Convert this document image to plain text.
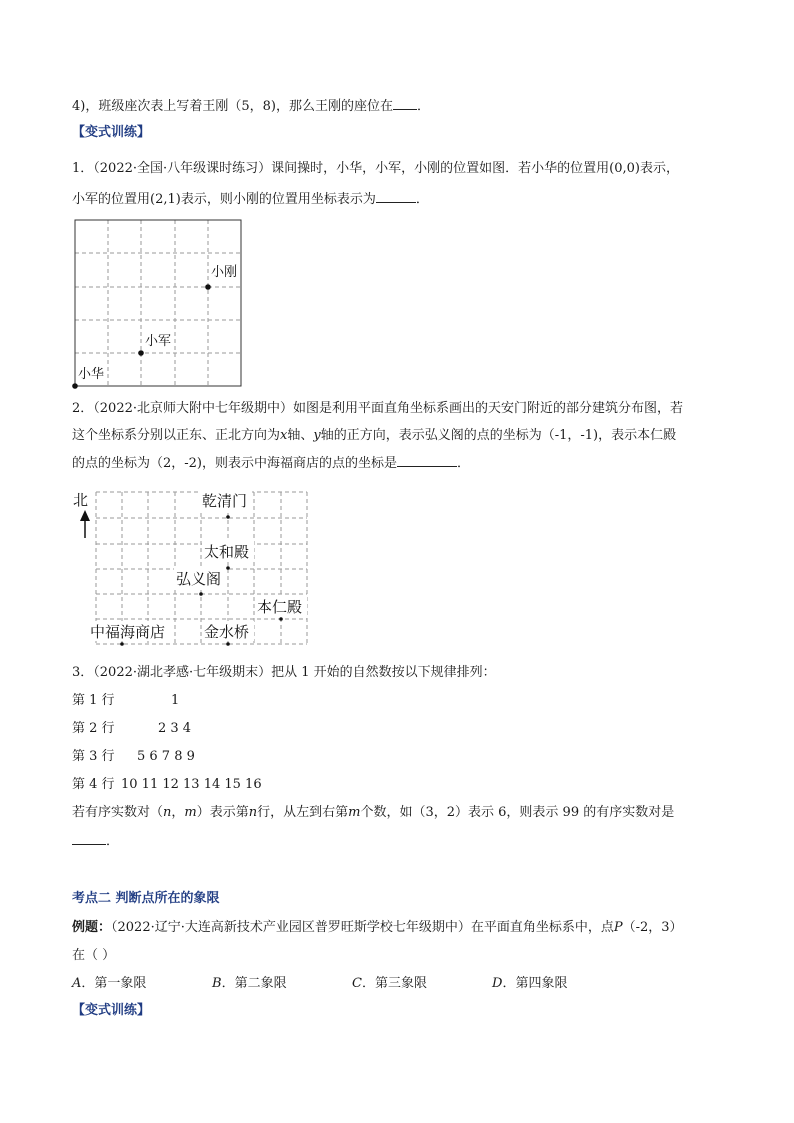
4)，班级座次表上写着王刚（5，8)，那么王刚的座位在 ．
【变式训练】
1．（2022·全国·八年级课时练习）课间操时，小华，小军，小刚的位置如图．若小华的位置用(0,0)表示，
小军的位置用(2,1)表示，则小刚的位置用坐标表示为	．
小刚
小军
小华
北	乾清门
太和殿
弘义阁
本仁殿
中福海商店	金水桥
2．（2022·北京师大附中七年级期中）如图是利用平面直角坐标系画出的天安门附近的部分建筑分布图，若
这个坐标系分别以正东、正北方向为x轴、y轴的正方向，表示弘义阁的点的坐标为（-1，-1)，表示本仁殿
的点的坐标为（2，-2)，则表示中海福商店的点的坐标是	．
3．（2022·湖北孝感·七年级期末）把从 1 开始的自然数按以下规律排列：
第 1 行	1
第 2 行	2 3 4
第 3 行 5 6 7 8 9
第 4 行 10 11 12 13 14 15 16
若有序实数对（n，m）表示第n行，从左到右第m个数，如（3，2）表示 6，则表示 99 的有序实数对是
．
考点二 判断点所在的象限
例题：（2022·辽宁·大连高新技术产业园区普罗旺斯学校七年级期中）在平面直角坐标系中，点P（-2，3）
在（ ）
A．第一象限	B．第二象限	C．第三象限	D．第四象限
【变式训练】
